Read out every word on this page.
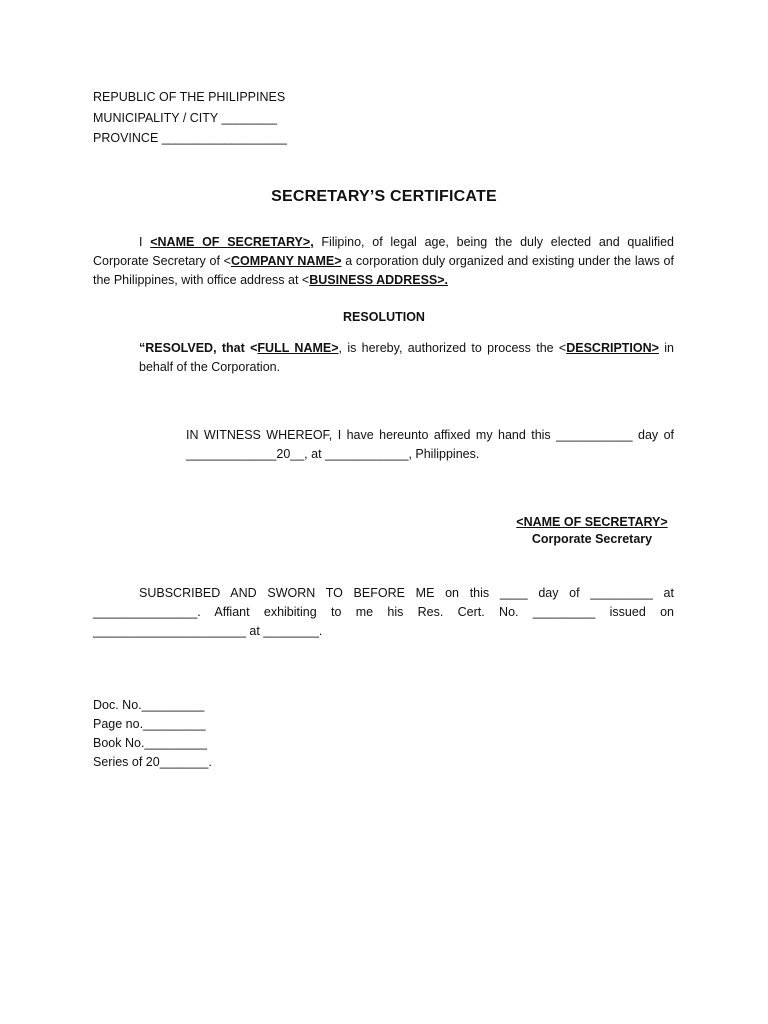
REPUBLIC OF THE PHILIPPINES
MUNICIPALITY / CITY ________
PROVINCE __________________
SECRETARY’S CERTIFICATE

I <NAME OF SECRETARY>, Filipino, of legal age, being the duly elected and qualified Corporate Secretary of <COMPANY NAME> a corporation duly organized and existing under the laws of the Philippines, with office address at <BUSINESS ADDRESS>.

RESOLUTION
“RESOLVED, that <FULL NAME>, is hereby, authorized to process the <DESCRIPTION> in behalf of the Corporation.
IN WITNESS WHEREOF, I have hereunto affixed my hand this ___________ day of _____________20__, at ____________, Philippines.
<NAME OF SECRETARY>
Corporate Secretary

SUBSCRIBED AND SWORN TO BEFORE ME on this ____ day of _________ at _______________. Affiant exhibiting to me his Res. Cert. No. _________ issued on ______________________ at ________.

Doc. No._________
Page no._________
Book No._________
Series of 20_______.
